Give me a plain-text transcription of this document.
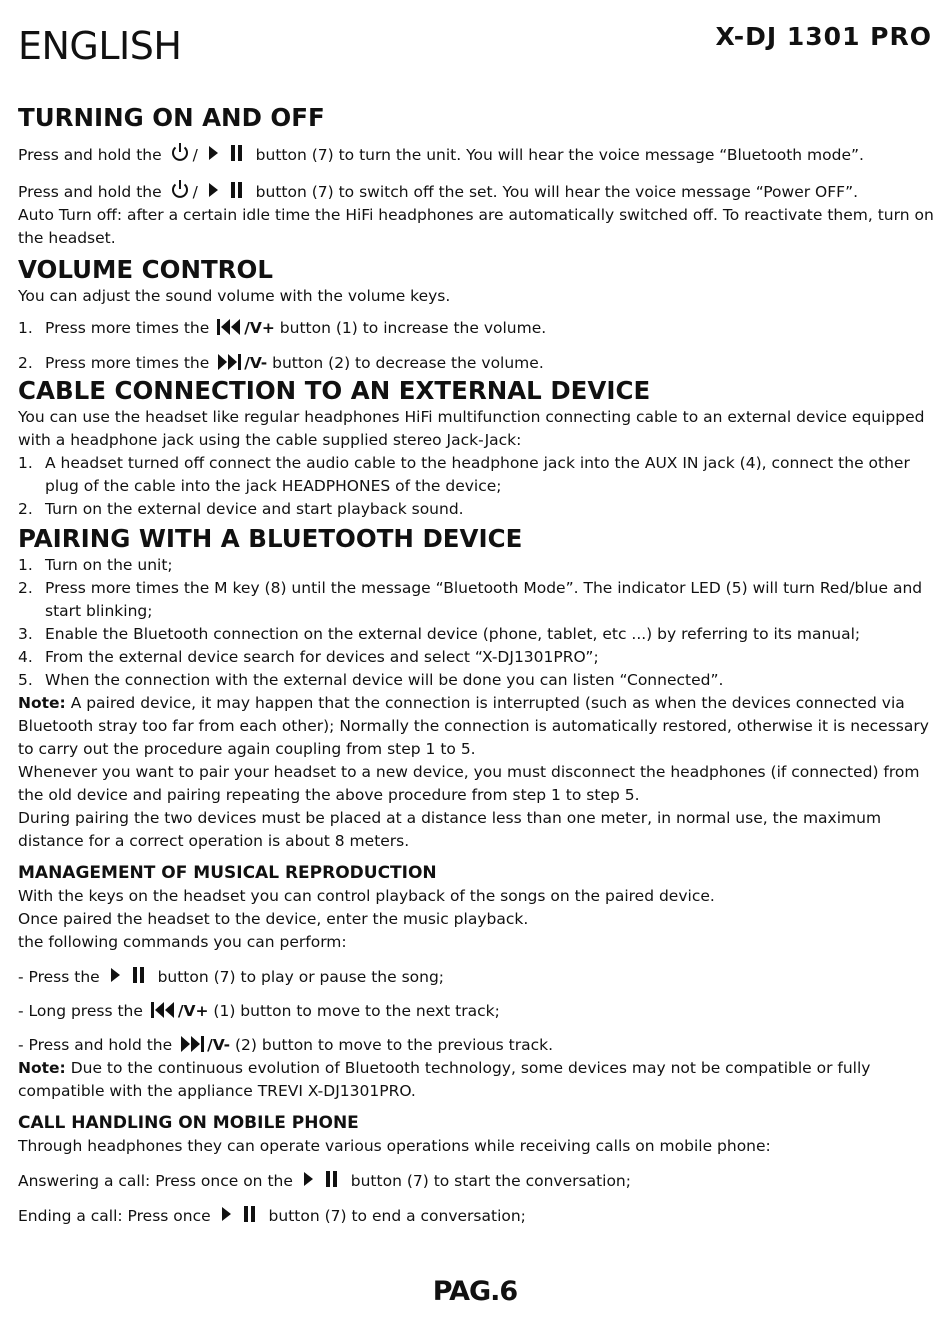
ENGLISH	X-DJ 1301 PRO
TURNING ON AND OFF

Press and hold the /	button (7) to turn the unit. You will hear the voice message “Bluetooth mode”.

Press and hold the /	button (7) to switch off the set. You will hear the voice message “Power OFF”.

Auto Turn off: after a certain idle time the HiFi headphones are automatically switched off. To reactivate them, turn on the headset.

VOLUME CONTROL

You can adjust the sound volume with the volume keys.

1. Press more times the /V+ button (1) to increase the volume.
2. Press more times the /V- button (2) to decrease the volume.
CABLE CONNECTION TO AN EXTERNAL DEVICE

You can use the headset like regular headphones HiFi multifunction connecting cable to an external device equipped with a headphone jack using the cable supplied stereo Jack-Jack:

1. A headset turned off connect the audio cable to the headphone jack into the AUX IN jack (4), connect the other plug of the cable into the jack HEADPHONES of the device;
2. Turn on the external device and start playback sound.
PAIRING WITH A BLUETOOTH DEVICE
1. Turn on the unit;
2. Press more times the M key (8) until the message “Bluetooth Mode”. The indicator LED (5) will turn Red/blue and start blinking;
3. Enable the Bluetooth connection on the external device (phone, tablet, etc ...) by referring to its manual;
4. From the external device search for devices and select “X-DJ1301PRO”;
5. When the connection with the external device will be done you can listen “Connected”.

Note: A paired device, it may happen that the connection is interrupted (such as when the devices connected via Bluetooth stray too far from each other); Normally the connection is automatically restored, otherwise it is necessary to carry out the procedure again coupling from step 1 to 5.

Whenever you want to pair your headset to a new device, you must disconnect the headphones (if connected) from the old device and pairing repeating the above procedure from step 1 to step 5.

During pairing the two devices must be placed at a distance less than one meter, in normal use, the maximum distance for a correct operation is about 8 meters.

MANAGEMENT OF MUSICAL REPRODUCTION

With the keys on the headset you can control playback of the songs on the paired device.

Once paired the headset to the device, enter the music playback.

the following commands you can perform:

- Press the	button (7) to play or pause the song;

- Long press the /V+ (1) button to move to the next track;

- Press and hold the /V- (2) button to move to the previous track.

Note: Due to the continuous evolution of Bluetooth technology, some devices may not be compatible or fully compatible with the appliance TREVI X-DJ1301PRO.

CALL HANDLING ON MOBILE PHONE

Through headphones they can operate various operations while receiving calls on mobile phone:

Answering a call: Press once on the	button (7) to start the conversation;

Ending a call: Press once	button (7) to end a conversation;

PAG.6
